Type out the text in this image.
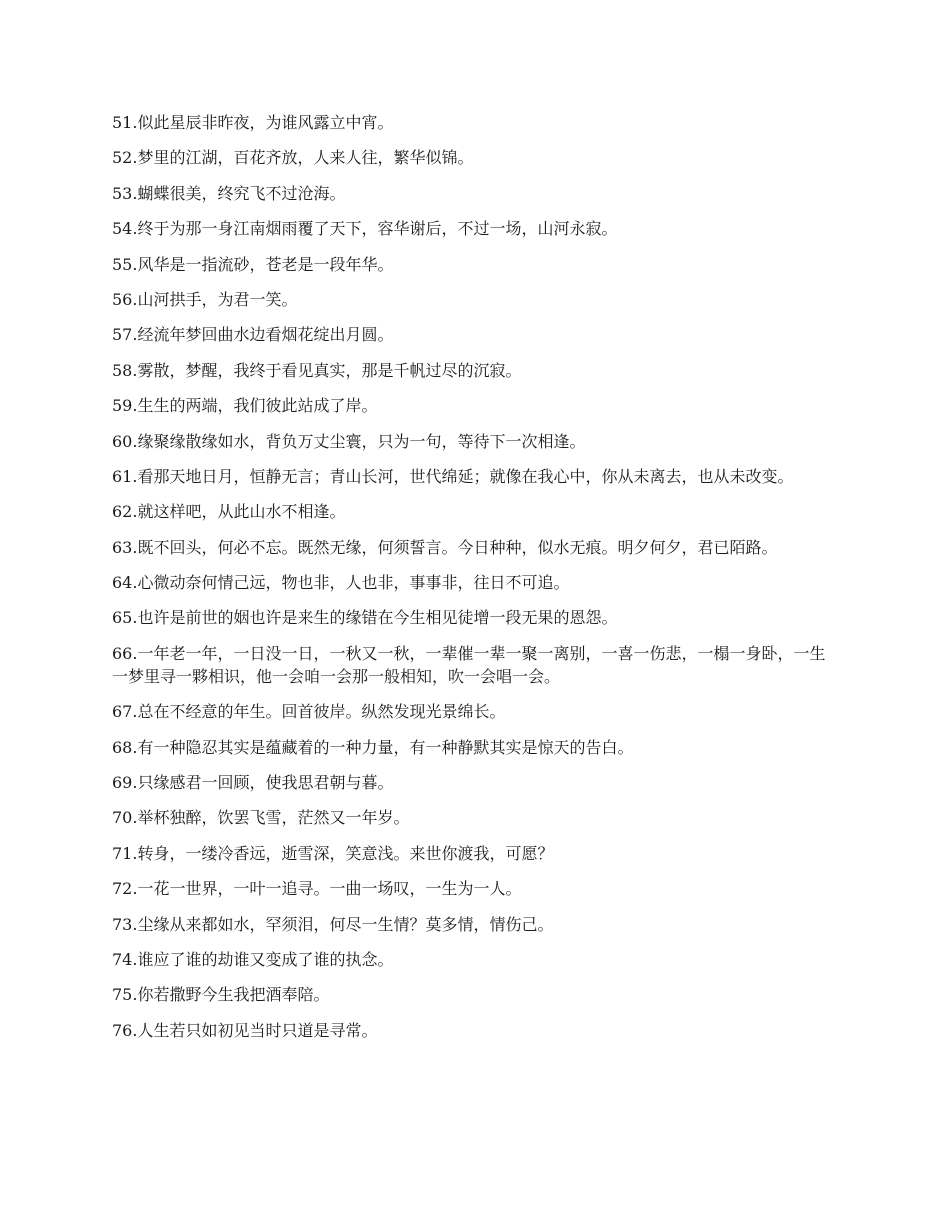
51.似此星辰非昨夜，为谁风露立中宵。

52.梦里的江湖，百花齐放，人来人往，繁华似锦。

53.蝴蝶很美，终究飞不过沧海。

54.终于为那一身江南烟雨覆了天下，容华谢后，不过一场，山河永寂。

55.风华是一指流砂，苍老是一段年华。

56.山河拱手，为君一笑。

57.经流年梦回曲水边看烟花绽出月圆。

58.雾散，梦醒，我终于看见真实，那是千帆过尽的沉寂。

59.生生的两端，我们彼此站成了岸。

60.缘聚缘散缘如水，背负万丈尘寰，只为一句，等待下一次相逢。

61.看那天地日月，恒静无言；青山长河，世代绵延；就像在我心中，你从未离去，也从未改变。

62.就这样吧，从此山水不相逢。

63.既不回头，何必不忘。既然无缘，何须誓言。今日种种，似水无痕。明夕何夕，君已陌路。

64.心微动奈何情己远，物也非，人也非，事事非，往日不可追。

65.也许是前世的姻也许是来生的缘错在今生相见徒增一段无果的恩怨。

66.一年老一年，一日没一日，一秋又一秋，一辈催一辈一聚一离别，一喜一伤悲，一榻一身卧，一生一梦里寻一夥相识，他一会咱一会那一般相知，吹一会唱一会。

67.总在不经意的年生。回首彼岸。纵然发现光景绵长。

68.有一种隐忍其实是蕴藏着的一种力量，有一种静默其实是惊天的告白。

69.只缘感君一回顾，使我思君朝与暮。

70.举杯独醉，饮罢飞雪，茫然又一年岁。

71.转身，一缕冷香远，逝雪深，笑意浅。来世你渡我，可愿？

72.一花一世界，一叶一追寻。一曲一场叹，一生为一人。

73.尘缘从来都如水，罕须泪，何尽一生情？莫多情，情伤己。

74.谁应了谁的劫谁又变成了谁的执念。

75.你若撒野今生我把酒奉陪。

76.人生若只如初见当时只道是寻常。
